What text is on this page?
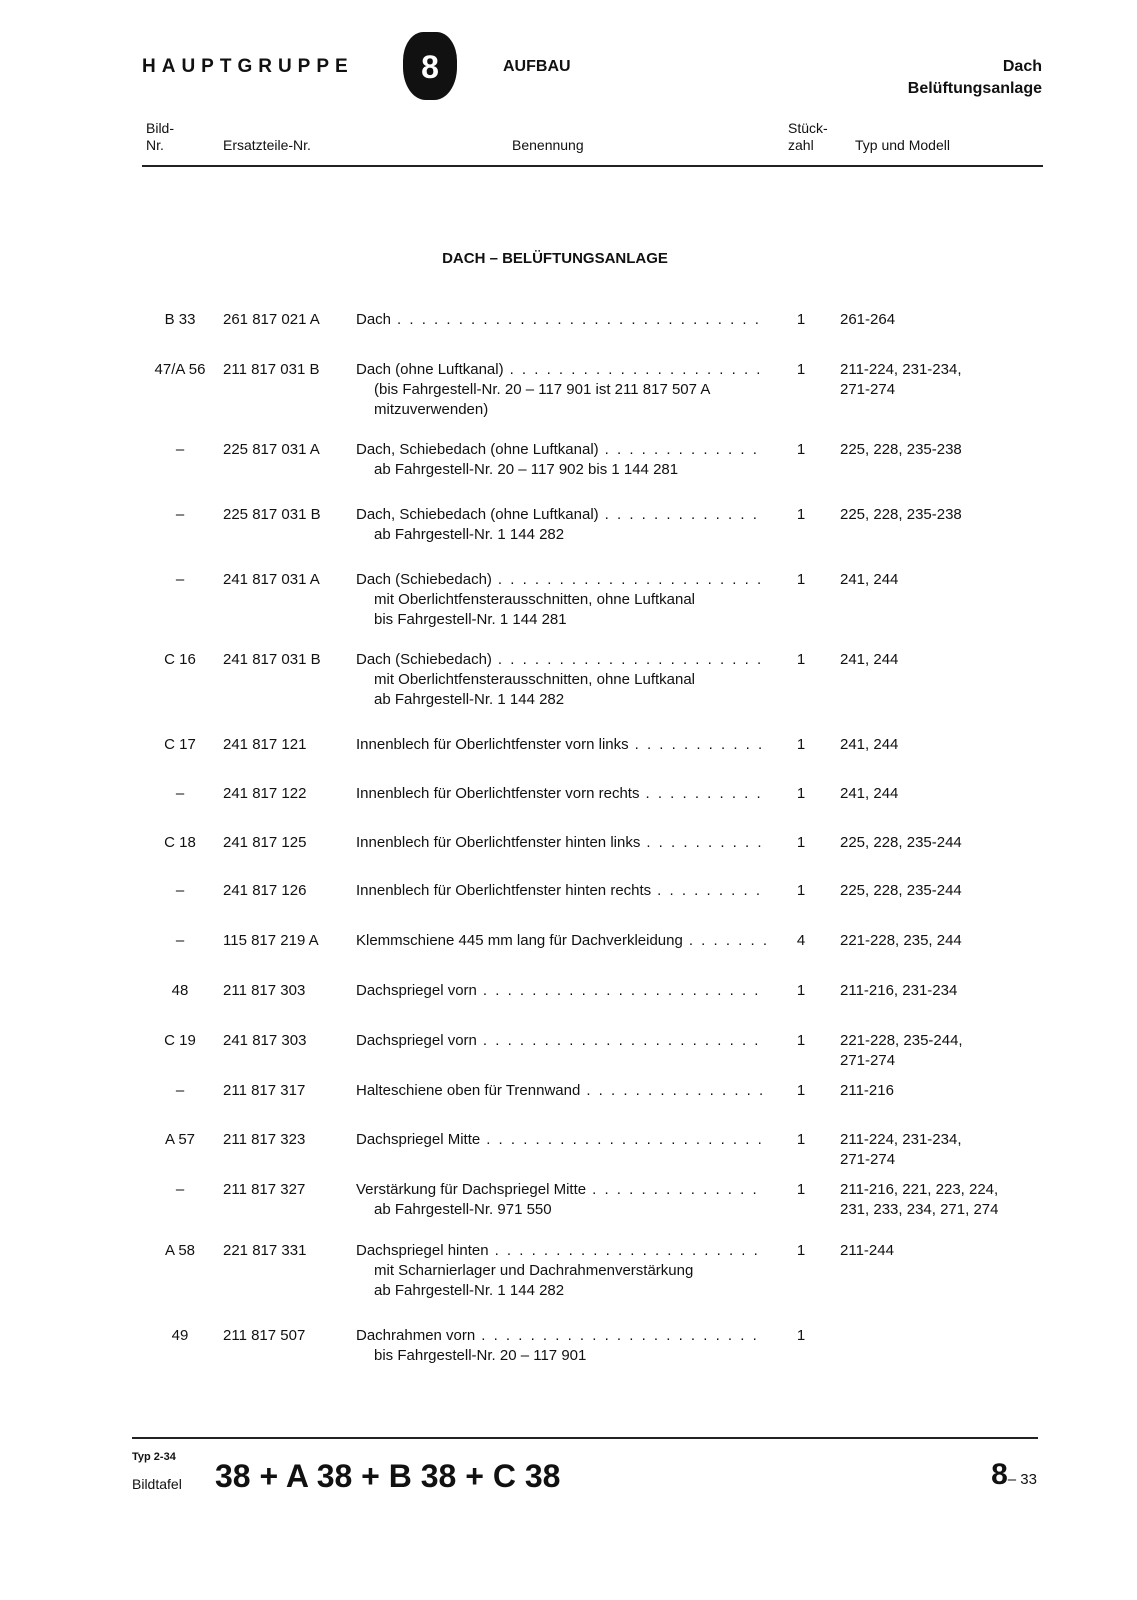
HAUPTGRUPPE	8	AUFBAU	Dach
Belüftungsanlage
Bild-
Nr.	Ersatzteile-Nr.	Benennung
Stück-
zahl	Typ und Modell
DACH – BELÜFTUNGSANLAGE
B 33	261 817 021 A Dach . . .	1 261-264
47/A 56	211 817 031 B Dach (ohne Luftkanal)
. . .
(bis Fahrgestell-Nr. 20 – 117 901 ist 211 817 507 A
mitzuverwenden)
1 211-224, 231-234,
271-274
–	225 817 031 A Dach, Schiebedach (ohne Luftkanal)
. . .
ab Fahrgestell-Nr. 20 – 117 902 bis 1 144 281
1 225, 228, 235-238
–	225 817 031 B Dach, Schiebedach (ohne Luftkanal)
. . .
ab Fahrgestell-Nr. 1 144 282
1 225, 228, 235-238
–	241 817 031 A Dach (Schiebedach)
. . .
mit Oberlichtfensterausschnitten, ohne Luftkanal
bis Fahrgestell-Nr. 1 144 281
1 241, 244
C 16	241 817 031 B Dach (Schiebedach)
. . .
mit Oberlichtfensterausschnitten, ohne Luftkanal
ab Fahrgestell-Nr. 1 144 282
1 241, 244
C 17	241 817 121	Innenblech für Oberlichtfenster vorn links . . .	1 241, 244
–	241 817 122	Innenblech für Oberlichtfenster vorn rechts . . .	1 241, 244
C 18	241 817 125	Innenblech für Oberlichtfenster hinten links . . .	1 225, 228, 235-244
–	241 817 126	Innenblech für Oberlichtfenster hinten rechts . . .	1 225, 228, 235-244
–	115 817 219 A Klemmschiene 445 mm lang für Dachverkleidung . . .	4 221-228, 235, 244
48	211 817 303	Dachspriegel vorn . . .	1 211-216, 231-234
C 19	241 817 303	Dachspriegel vorn . . .	1 221-228, 235-244,
271-274
–	211 817 317	Halteschiene oben für Trennwand . . .	1 211-216
A 57	211 817 323	Dachspriegel Mitte . . .	1 211-224, 231-234,
271-274
–	211 817 327	Verstärkung für Dachspriegel Mitte
. . .
ab Fahrgestell-Nr. 971 550
1 211-216, 221, 223, 224,
231, 233, 234, 271, 274
A 58	221 817 331	Dachspriegel hinten
. . .
mit Scharnierlager und Dachrahmenverstärkung
ab Fahrgestell-Nr. 1 144 282
1 211-244
49	211 817 507	Dachrahmen vorn
. . .
bis Fahrgestell-Nr. 20 – 117 901
1
Typ 2-34
Bildtafel 38 + A 38 + B 38 + C 38	8– 33
